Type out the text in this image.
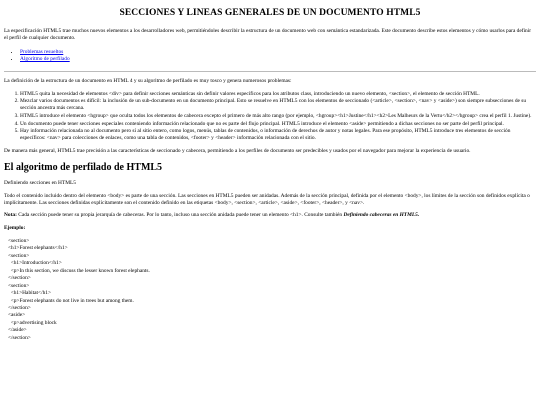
SECCIONES Y LINEAS GENERALES DE UN DOCUMENTO HTML5

La especificación HTML5 trae muchos nuevos elementos a los desarrolladores web, permitiéndoles describir la estructura de un documento web con semántica estandarizada. Este documento describe estos elementos y cómo usarlos para definir el perfil de cualquier documento.

• Problemas resueltos
• Algoritmo de perfilado

La definición de la estructura de un documento en HTML 4 y su algoritmo de perfilado es muy tosco y genera numerosos problemas:

1. HTML5 quita la necesidad de elementos <div> para definir secciones semánticas sin definir valores específicos para los atributos class, introduciendo un nuevo elemento, <section>, el elemento de sección HTML.
2. Mezclar varios documentos es difícil: la inclusión de un sub-documento en un documento principal. Esto se resuelve en HTML5 con los elementos de seccionado (<article>, <section>, <nav> y <aside>) son siempre subsecciones de su sección ancestra más cercana.
3. HTML5 introduce el elemento <hgroup> que oculta todos los elementos de cabecera excepto el primero de más alto rango (por ejemplo, <hgroup><h1>Justine</h1><h2>Les Malheurs de la Vertu</h2></hgroup> crea el perfil 1. Justine).
4. Un documento puede tener secciones especiales conteniendo información relacionado que no es parte del flujo principal. HTML5 introduce el elemento <aside> permitiendo a dichas secciones no ser parte del perfil principal.
5. Hay información relacionada no al documento pero sí al sitio entero, como logos, menús, tablas de contenidos, o información de derechos de autor y notas legales. Para ese propósito, HTML5 introduce tres elementos de sección específicos: <nav> para colecciones de enlaces, como una tabla de contenidos, <footer> y <header> información relacionada con el sitio.

De manera más general, HTML5 trae precisión a las características de seccionado y cabecera, permitiendo a los perfiles de documento ser predecibles y usados por el navegador para mejorar la experiencia de usuario.

El algoritmo de perfilado de HTML5

Definiendo secciones en HTML5

Todo el contenido incluido dentro del elemento <body> es parte de una sección. Las secciones en HTML5 pueden ser anidadas. Además de la sección principal, definida por el elemento <body>, los límites de la sección son definidos explícita o implícitamente. Las secciones definidas explícitamente son el contenido definido en las etiquetas <body>, <section>, <article>, <aside>, <footer>, <header>, y <nav>.

Nota: Cada sección puede tener su propia jerarquía de cabeceras. Por lo tanto, incluso una sección anidada puede tener un elemento <h1>. Consulte también Definiendo cabeceras en HTML5.

Ejemplo:

<section>
<h1>Forest elephants</h1>
<section>
<h1>Introduction</h1>
<p>In this section, we discuss the lesser known forest elephants.
</section>
<section>
<h1>Habitat</h1>
<p>Forest elephants do not live in trees but among them.
</section>
<aside>
<p>advertising block
</aside>
</section>
